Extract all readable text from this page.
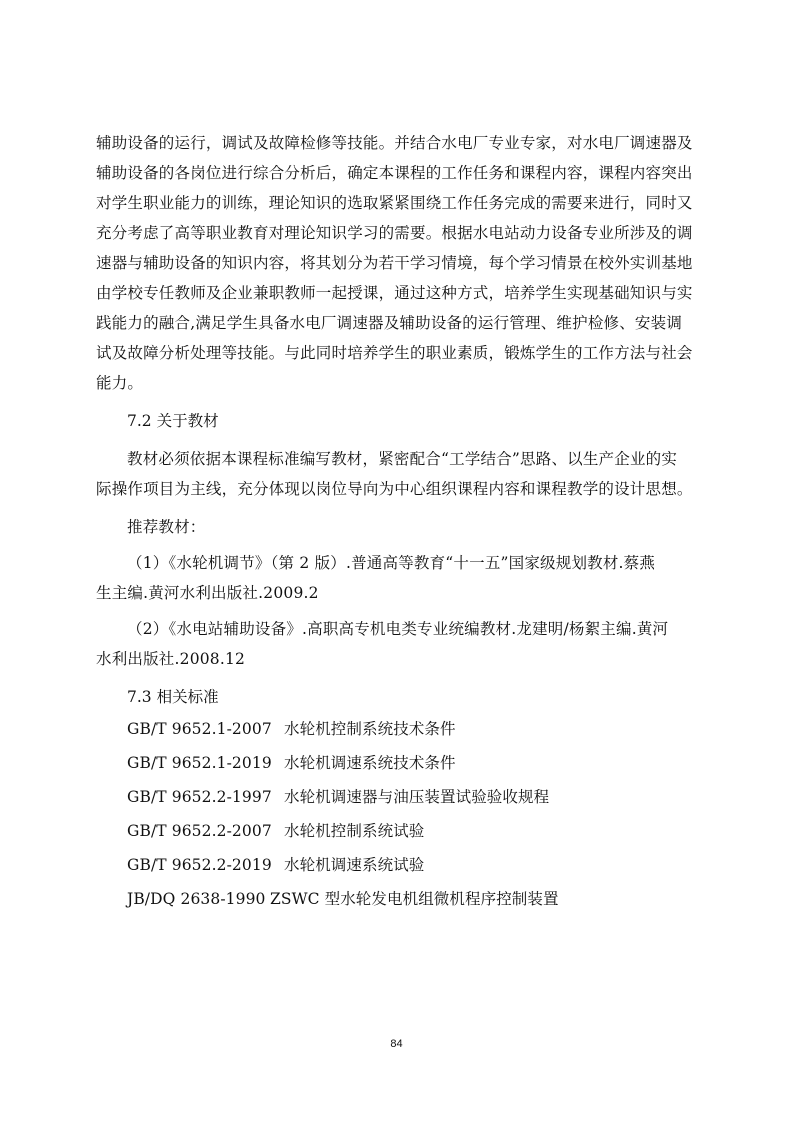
辅助设备的运行，调试及故障检修等技能。并结合水电厂专业专家，对水电厂调速器及
辅助设备的各岗位进行综合分析后，确定本课程的工作任务和课程内容，课程内容突出
对学生职业能力的训练，理论知识的选取紧紧围绕工作任务完成的需要来进行，同时又
充分考虑了高等职业教育对理论知识学习的需要。根据水电站动力设备专业所涉及的调
速器与辅助设备的知识内容，将其划分为若干学习情境，每个学习情景在校外实训基地
由学校专任教师及企业兼职教师一起授课，通过这种方式，培养学生实现基础知识与实
践能力的融合,满足学生具备水电厂调速器及辅助设备的运行管理、维护检修、安装调
试及故障分析处理等技能。与此同时培养学生的职业素质，锻炼学生的工作方法与社会
能力。
7.2 关于教材
教材必须依据本课程标准编写教材，紧密配合“工学结合”思路、以生产企业的实
际操作项目为主线，充分体现以岗位导向为中心组织课程内容和课程教学的设计思想。
推荐教材：
（1）《水轮机调节》（第 2 版）.普通高等教育“十一五”国家级规划教材.蔡燕
生主编.黄河水利出版社.2009.2
（2）《水电站辅助设备》.高职高专机电类专业统编教材.龙建明/杨絮主编.黄河
水利出版社.2008.12
7.3 相关标准
GB/T 9652.1-2007 水轮机控制系统技术条件
GB/T 9652.1-2019 水轮机调速系统技术条件
GB/T 9652.2-1997 水轮机调速器与油压装置试验验收规程
GB/T 9652.2-2007 水轮机控制系统试验
GB/T 9652.2-2019 水轮机调速系统试验
JB/DQ 2638-1990 ZSWC 型水轮发电机组微机程序控制装置
84
